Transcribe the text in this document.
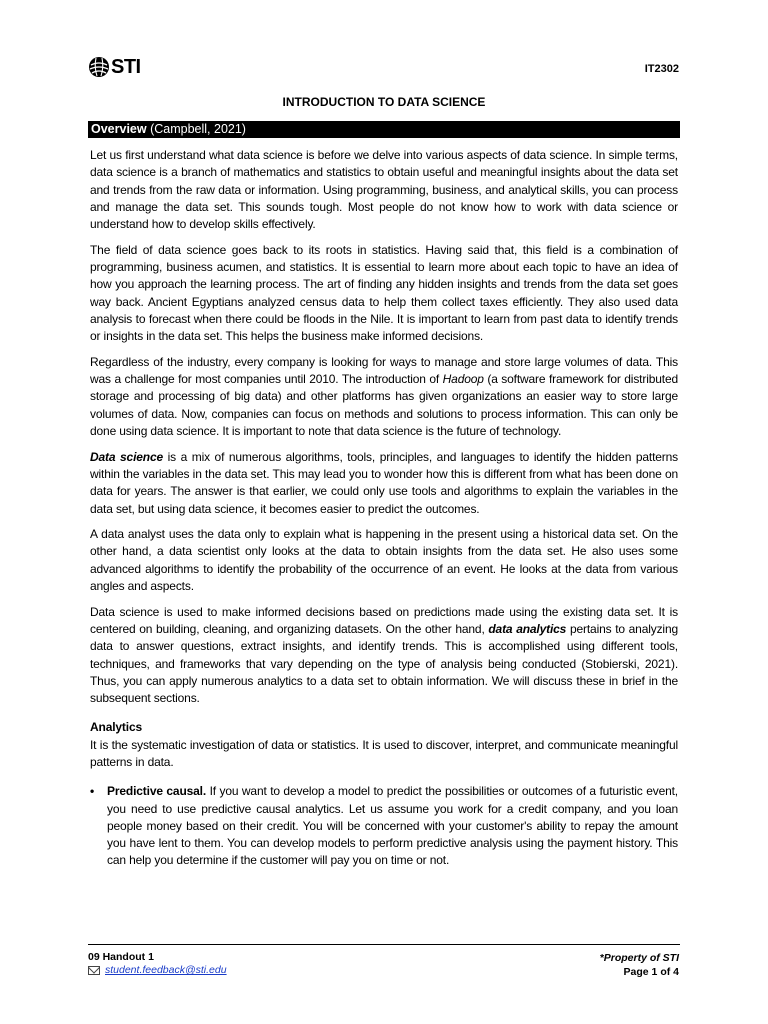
STI	IT2302
INTRODUCTION TO DATA SCIENCE
Overview (Campbell, 2021)

Let us first understand what data science is before we delve into various aspects of data science. In simple terms, data science is a branch of mathematics and statistics to obtain useful and meaningful insights about the data set and trends from the raw data or information. Using programming, business, and analytical skills, you can process and manage the data set. This sounds tough. Most people do not know how to work with data science or understand how to develop skills effectively.

The field of data science goes back to its roots in statistics. Having said that, this field is a combination of programming, business acumen, and statistics. It is essential to learn more about each topic to have an idea of how you approach the learning process. The art of finding any hidden insights and trends from the data set goes way back. Ancient Egyptians analyzed census data to help them collect taxes efficiently. They also used data analysis to forecast when there could be floods in the Nile. It is important to learn from past data to identify trends or insights in the data set. This helps the business make informed decisions.

Regardless of the industry, every company is looking for ways to manage and store large volumes of data. This was a challenge for most companies until 2010. The introduction of Hadoop (a software framework for distributed storage and processing of big data) and other platforms has given organizations an easier way to store large volumes of data. Now, companies can focus on methods and solutions to process information. This can only be done using data science. It is important to note that data science is the future of technology.

Data science is a mix of numerous algorithms, tools, principles, and languages to identify the hidden patterns within the variables in the data set. This may lead you to wonder how this is different from what has been done on data for years. The answer is that earlier, we could only use tools and algorithms to explain the variables in the data set, but using data science, it becomes easier to predict the outcomes.

A data analyst uses the data only to explain what is happening in the present using a historical data set. On the other hand, a data scientist only looks at the data to obtain insights from the data set. He also uses some advanced algorithms to identify the probability of the occurrence of an event. He looks at the data from various angles and aspects.

Data science is used to make informed decisions based on predictions made using the existing data set. It is centered on building, cleaning, and organizing datasets. On the other hand, data analytics pertains to analyzing data to answer questions, extract insights, and identify trends. This is accomplished using different tools, techniques, and frameworks that vary depending on the type of analysis being conducted (Stobierski, 2021). Thus, you can apply numerous analytics to a data set to obtain information. We will discuss these in brief in the subsequent sections.

Analytics
It is the systematic investigation of data or statistics. It is used to discover, interpret, and communicate meaningful patterns in data.
•	Predictive causal. If you want to develop a model to predict the possibilities or outcomes of a futuristic event, you need to use predictive causal analytics. Let us assume you work for a credit company, and you loan people money based on their credit. You will be concerned with your customer's ability to repay the amount you have lent to them. You can develop models to perform predictive analysis using the payment history. This can help you determine if the customer will pay you on time or not.
09 Handout 1
student.feedback@sti.edu
*Property of STI
Page 1 of 4
